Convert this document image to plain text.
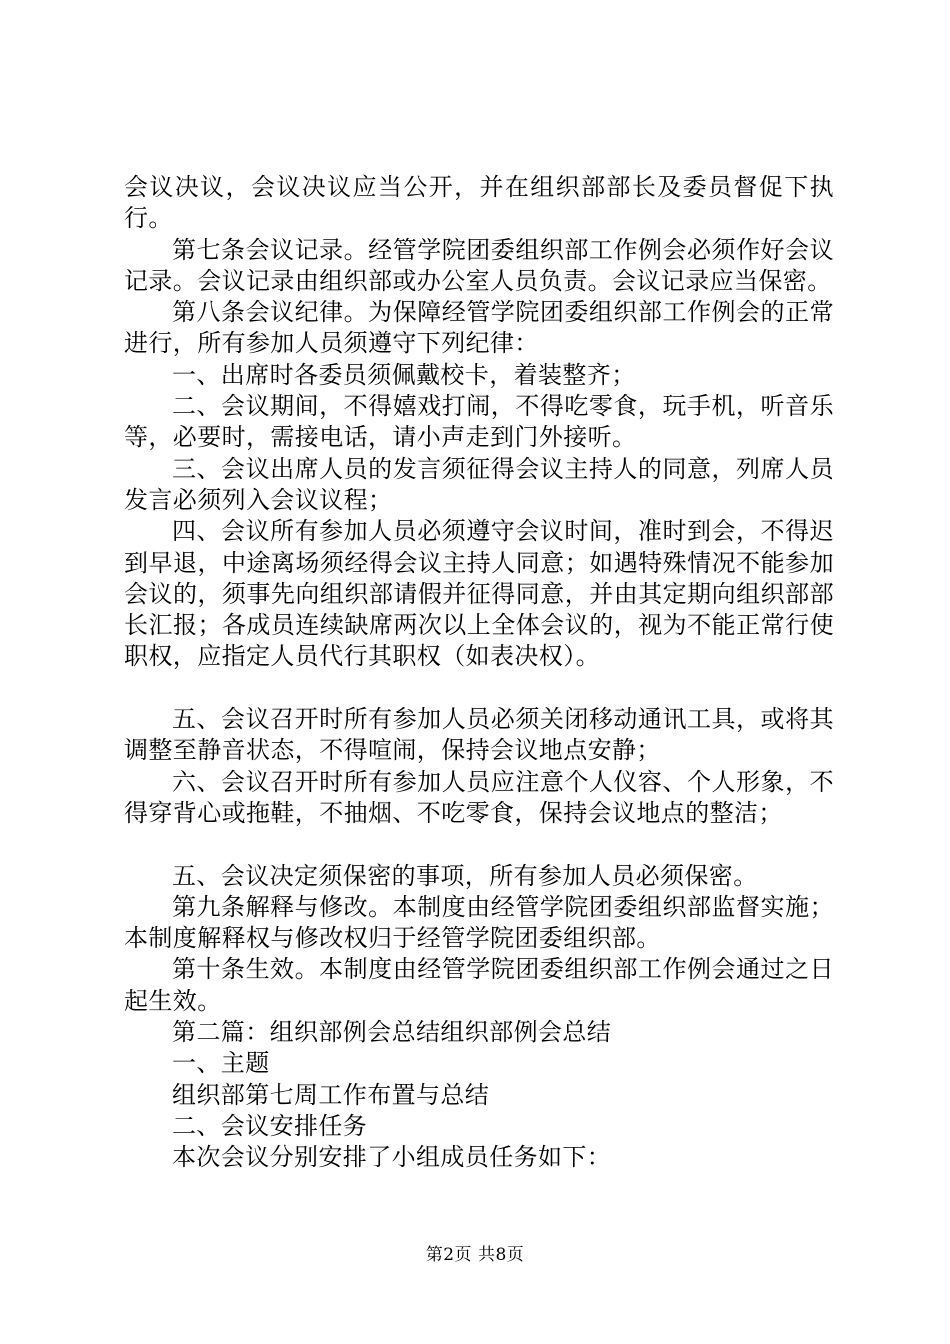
会议决议，会议决议应当公开，并在组织部部长及委员督促下执行。

第七条会议记录。经管学院团委组织部工作例会必须作好会议记录。会议记录由组织部或办公室人员负责。会议记录应当保密。

第八条会议纪律。为保障经管学院团委组织部工作例会的正常进行，所有参加人员须遵守下列纪律：

一、出席时各委员须佩戴校卡，着装整齐；

二、会议期间，不得嬉戏打闹，不得吃零食，玩手机，听音乐等，必要时，需接电话，请小声走到门外接听。

三、会议出席人员的发言须征得会议主持人的同意，列席人员发言必须列入会议议程；

四、会议所有参加人员必须遵守会议时间，准时到会，不得迟到早退，中途离场须经得会议主持人同意；如遇特殊情况不能参加会议的，须事先向组织部请假并征得同意，并由其定期向组织部部长汇报；各成员连续缺席两次以上全体会议的，视为不能正常行使职权，应指定人员代行其职权（如表决权）。

五、会议召开时所有参加人员必须关闭移动通讯工具，或将其调整至静音状态，不得喧闹，保持会议地点安静；

六、会议召开时所有参加人员应注意个人仪容、个人形象，不得穿背心或拖鞋，不抽烟、不吃零食，保持会议地点的整洁；

五、会议决定须保密的事项，所有参加人员必须保密。

第九条解释与修改。本制度由经管学院团委组织部监督实施；本制度解释权与修改权归于经管学院团委组织部。

第十条生效。本制度由经管学院团委组织部工作例会通过之日起生效。

第二篇：组织部例会总结组织部例会总结

一、主题

组织部第七周工作布置与总结

二、会议安排任务

本次会议分别安排了小组成员任务如下：

第2页 共8页
